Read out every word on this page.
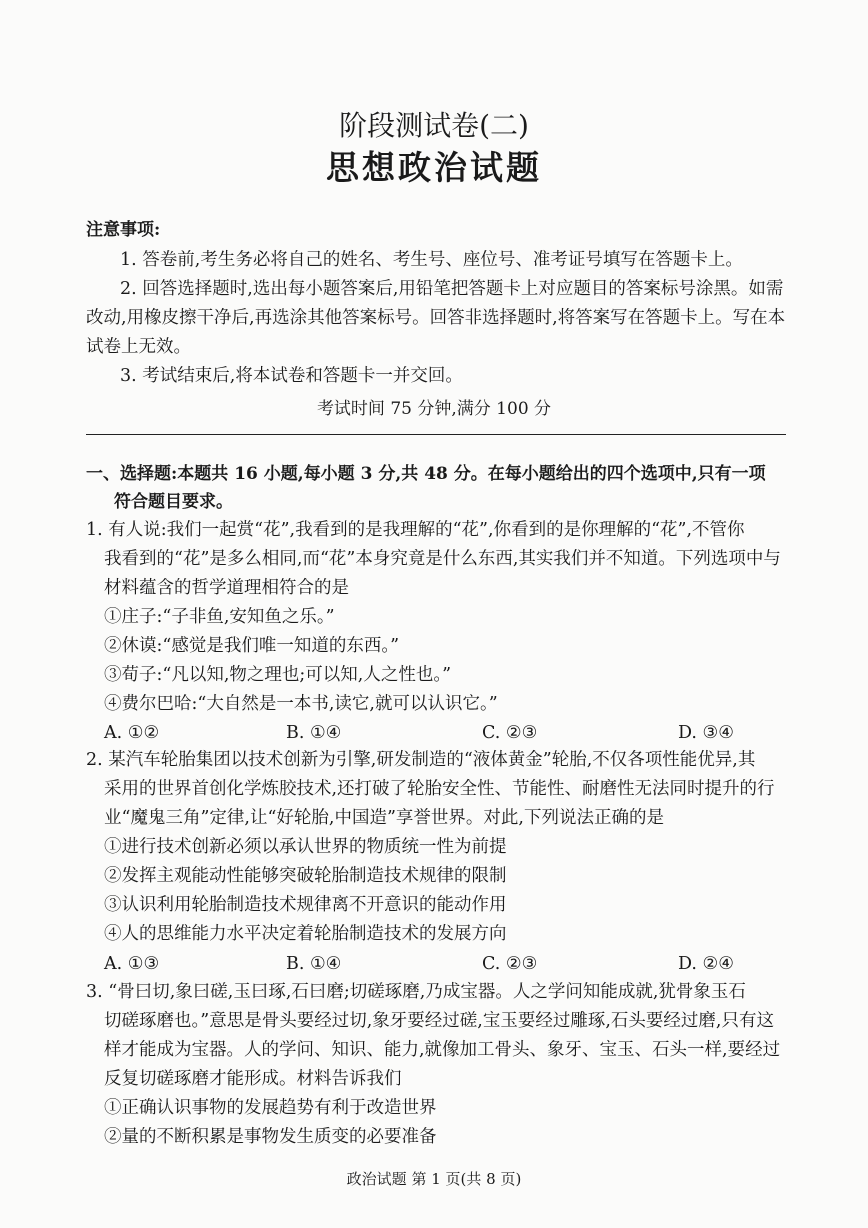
阶段测试卷(二)
思想政治试题
注意事项:
1. 答卷前,考生务必将自己的姓名、考生号、座位号、准考证号填写在答题卡上。
2. 回答选择题时,选出每小题答案后,用铅笔把答题卡上对应题目的答案标号涂黑。如需改动,用橡皮擦干净后,再选涂其他答案标号。回答非选择题时,将答案写在答题卡上。写在本试卷上无效。
3. 考试结束后,将本试卷和答题卡一并交回。
考试时间 75 分钟,满分 100 分
一、选择题:本题共 16 小题,每小题 3 分,共 48 分。在每小题给出的四个选项中,只有一项
符合题目要求。
1. 有人说:我们一起赏“花”,我看到的是我理解的“花”,你看到的是你理解的“花”,不管你
我看到的“花”是多么相同,而“花”本身究竟是什么东西,其实我们并不知道。下列选项中与材料蕴含的哲学道理相符合的是
①庄子:“子非鱼,安知鱼之乐。”
②休谟:“感觉是我们唯一知道的东西。”
③荀子:“凡以知,物之理也;可以知,人之性也。”
④费尔巴哈:“大自然是一本书,读它,就可以认识它。”
A. ①②	B. ①④	C. ②③	D. ③④
2. 某汽车轮胎集团以技术创新为引擎,研发制造的“液体黄金”轮胎,不仅各项性能优异,其
采用的世界首创化学炼胶技术,还打破了轮胎安全性、节能性、耐磨性无法同时提升的行业“魔鬼三角”定律,让“好轮胎,中国造”享誉世界。对此,下列说法正确的是
①进行技术创新必须以承认世界的物质统一性为前提
②发挥主观能动性能够突破轮胎制造技术规律的限制
③认识利用轮胎制造技术规律离不开意识的能动作用
④人的思维能力水平决定着轮胎制造技术的发展方向
A. ①③	B. ①④	C. ②③	D. ②④
3. “骨曰切,象曰磋,玉曰琢,石曰磨;切磋琢磨,乃成宝器。人之学问知能成就,犹骨象玉石
切磋琢磨也。”意思是骨头要经过切,象牙要经过磋,宝玉要经过雕琢,石头要经过磨,只有这样才能成为宝器。人的学问、知识、能力,就像加工骨头、象牙、宝玉、石头一样,要经过反复切磋琢磨才能形成。材料告诉我们
①正确认识事物的发展趋势有利于改造世界
②量的不断积累是事物发生质变的必要准备
政治试题 第 1 页(共 8 页)
